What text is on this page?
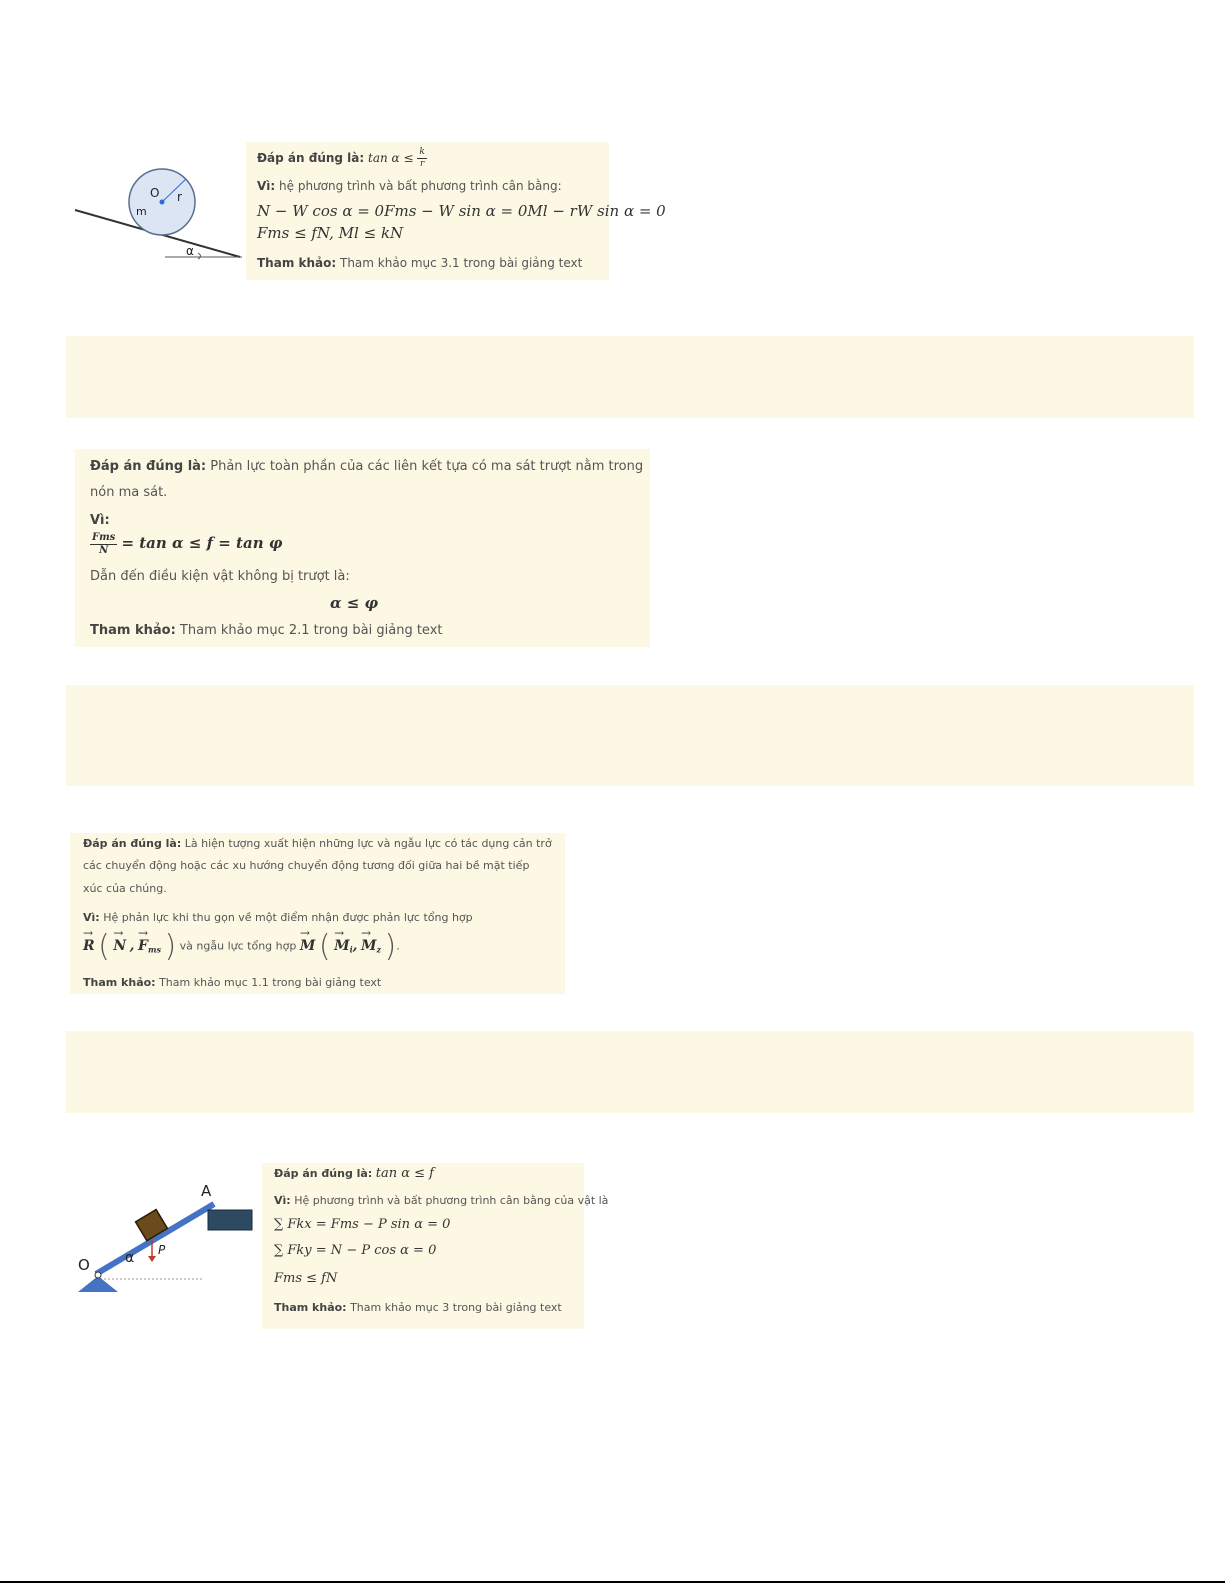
O r
m
α
Đáp án đúng là: $\tan \alpha \le \frac{k}{r}$
Vì: hệ phương trình và bất phương trình cân bằng:
N − W cos α = 0Fms − W sin α = 0Ml − rW sin α = 0
Fms ≤ fN, Ml ≤ kN
Tham khảo: Tham khảo mục 3.1 trong bài giảng text
Đáp án đúng là: Phản lực toàn phần của các liên kết tựa có ma sát trượt nằm trong
nón ma sát.
Vì:
$\frac{\text{Fms}}{N} = \tan \alpha \le f = \tan \varphi$
Dẫn đến điều kiện vật không bị trượt là:
α ≤ φ
Tham khảo: Tham khảo mục 2.1 trong bài giảng text
Đáp án đúng là: Là hiện tượng xuất hiện những lực và ngẫu lực có tác dụng cản trở
các chuyển động hoặc các xu hướng chuyển động tương đối giữa hai bề mặt tiếp
xúc của chúng.
Vì: Hệ phản lực khi thu gọn về một điểm nhận được phản lực tổng hợp
→ R ( → N , → $F_{ms}$ ) và ngẫu lực tổng hợp → M ( → $M_i$, → $M_z$ ).
Tham khảo: Tham khảo mục 1.1 trong bài giảng text
A
O	α P
Đáp án đúng là: tan α ≤ f
Vì: Hệ phương trình và bất phương trình cân bằng của vật là
∑ Fkx = Fms − P sin α = 0
∑ Fky = N − P cos α = 0
Fms ≤ fN
Tham khảo: Tham khảo mục 3 trong bài giảng text
